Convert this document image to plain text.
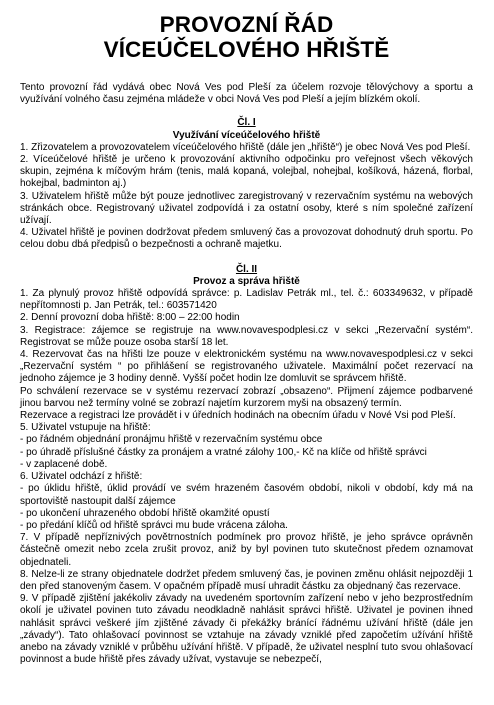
PROVOZNÍ ŘÁD
VÍCEÚČELOVÉHO HŘIŠTĚ

Tento provozní řád vydává obec Nová Ves pod Pleší za účelem rozvoje tělovýchovy a sportu a využívání volného času zejména mládeže v obci Nová Ves pod Pleší a jejím blízkém okolí.

Čl. I
Využívání víceúčelového hřiště

1. Zřizovatelem a provozovatelem víceúčelového hřiště (dále jen „hřiště“) je obec Nová Ves pod Pleší.

2. Víceúčelové hřiště je určeno k provozování aktivního odpočinku pro veřejnost všech věkových skupin, zejména k míčovým hrám (tenis, malá kopaná, volejbal, nohejbal, košíková, házená, florbal, hokejbal, badminton aj.)

3. Uživatelem hřiště může být pouze jednotlivec zaregistrovaný v rezervačním systému na webových stránkách obce. Registrovaný uživatel zodpovídá i za ostatní osoby, které s ním společné zařízení užívají.

4. Uživatel hřiště je povinen dodržovat předem smluvený čas a provozovat dohodnutý druh sportu. Po celou dobu dbá předpisů o bezpečnosti a ochraně majetku.

Čl. II
Provoz a správa hřiště

1. Za plynulý provoz hřiště odpovídá správce: p. Ladislav Petrák ml., tel. č.: 603349632, v případě nepřítomnosti p. Jan Petrák, tel.: 603571420

2. Denní provozní doba hřiště: 8:00 – 22:00 hodin

3. Registrace: zájemce se registruje na www.novavespodplesi.cz v sekci „Rezervační systém“. Registrovat se může pouze osoba starší 18 let.

4. Rezervovat čas na hřišti lze pouze v elektronickém systému na www.novavespodplesi.cz v sekci „Rezervační systém “ po přihlášení se registrovaného uživatele. Maximální počet rezervací na jednoho zájemce je 3 hodiny denně. Vyšší počet hodin lze domluvit se správcem hřiště.

Po schválení rezervace se v systému rezervací zobrazí „obsazeno“. Přijmení zájemce podbarvené jinou barvou než termíny volné se zobrazí najetím kurzorem myši na obsazený termín.

Rezervace a registraci lze provádět i v úředních hodinách na obecním úřadu v Nové Vsi pod Pleší.

5. Uživatel vstupuje na hřiště:

- po řádném objednání pronájmu hřiště v rezervačním systému obce

- po úhradě příslušné částky za pronájem a vratné zálohy 100,- Kč na klíče od hřiště správci

- v zaplacené době.

6. Uživatel odchází z hřiště:

- po úklidu hřiště, úklid provádí ve svém hrazeném časovém období, nikoli v období, kdy má na sportoviště nastoupit další zájemce

- po ukončení uhrazeného období hřiště okamžité opustí

- po předání klíčů od hřiště správci mu bude vrácena záloha.

7. V případě nepříznivých povětrnostních podmínek pro provoz hřiště, je jeho správce oprávněn částečně omezit nebo zcela zrušit provoz, aniž by byl povinen tuto skutečnost předem oznamovat objednateli.

8. Nelze-li ze strany objednatele dodržet předem smluvený čas, je povinen změnu ohlásit nejpozději 1 den před stanoveným časem. V opačném případě musí uhradit částku za objednaný čas rezervace.

9. V případě zjištění jakékoliv závady na uvedeném sportovním zařízení nebo v jeho bezprostředním okolí je uživatel povinen tuto závadu neodkladně nahlásit správci hřiště. Uživatel je povinen ihned nahlásit správci veškeré jím zjištěné závady či překážky bránící řádnému užívání hřiště (dále jen „závady“). Tato ohlašovací povinnost se vztahuje na závady vzniklé před započetím užívání hřiště anebo na závady vzniklé v průběhu užívání hřiště. V případě, že uživatel nesplní tuto svou ohlašovací povinnost a bude hřiště přes závady užívat, vystavuje se nebezpečí,
